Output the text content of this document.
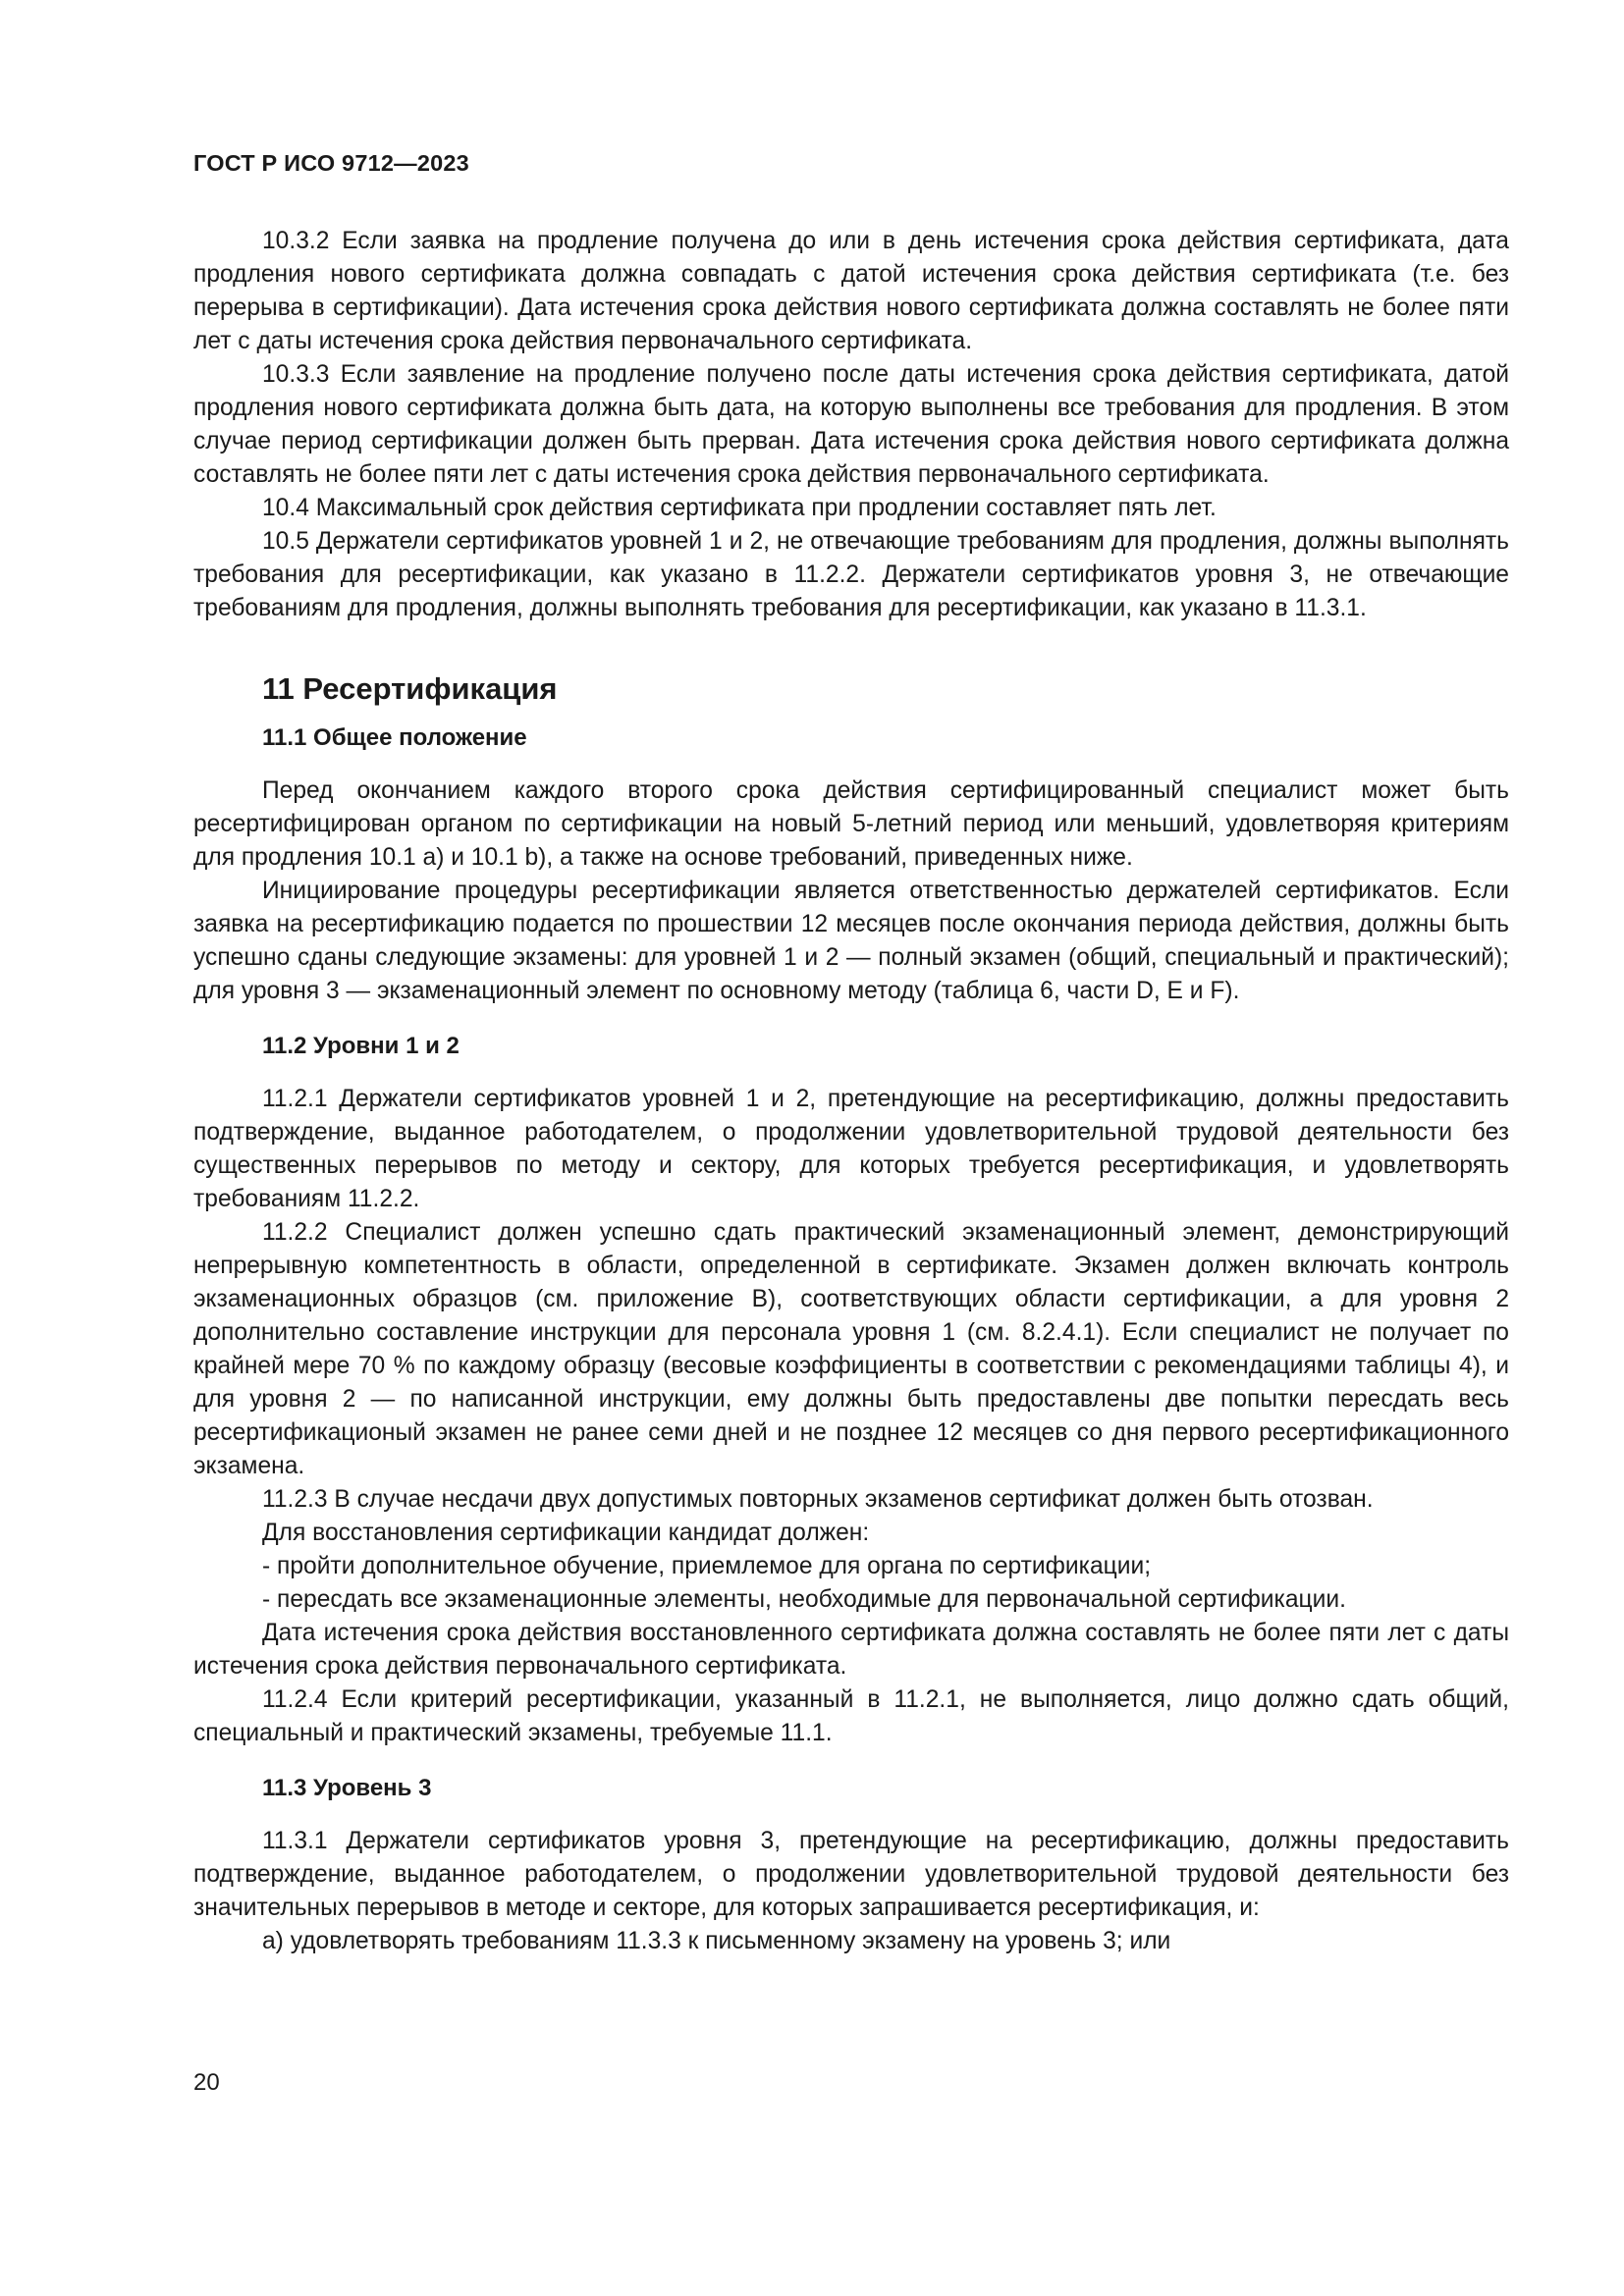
ГОСТ Р ИСО 9712—2023

10.3.2 Если заявка на продление получена до или в день истечения срока действия сертификата, дата продления нового сертификата должна совпадать с датой истечения срока действия сертификата (т.е. без перерыва в сертификации). Дата истечения срока действия нового сертификата должна составлять не более пяти лет с даты истечения срока действия первоначального сертификата.

10.3.3 Если заявление на продление получено после даты истечения срока действия сертификата, датой продления нового сертификата должна быть дата, на которую выполнены все требования для продления. В этом случае период сертификации должен быть прерван. Дата истечения срока действия нового сертификата должна составлять не более пяти лет с даты истечения срока действия первоначального сертификата.

10.4 Максимальный срок действия сертификата при продлении составляет пять лет.

10.5 Держатели сертификатов уровней 1 и 2, не отвечающие требованиям для продления, должны выполнять требования для ресертификации, как указано в 11.2.2. Держатели сертификатов уровня 3, не отвечающие требованиям для продления, должны выполнять требования для ресертификации, как указано в 11.3.1.

11 Ресертификация
11.1 Общее положение

Перед окончанием каждого второго срока действия сертифицированный специалист может быть ресертифицирован органом по сертификации на новый 5-летний период или меньший, удовлетворяя критериям для продления 10.1 a) и 10.1 b), а также на основе требований, приведенных ниже.

Инициирование процедуры ресертификации является ответственностью держателей сертификатов. Если заявка на ресертификацию подается по прошествии 12 месяцев после окончания периода действия, должны быть успешно сданы следующие экзамены: для уровней 1 и 2 — полный экзамен (общий, специальный и практический); для уровня 3 — экзаменационный элемент по основному методу (таблица 6, части D, E и F).

11.2 Уровни 1 и 2

11.2.1 Держатели сертификатов уровней 1 и 2, претендующие на ресертификацию, должны предоставить подтверждение, выданное работодателем, о продолжении удовлетворительной трудовой деятельности без существенных перерывов по методу и сектору, для которых требуется ресертификация, и удовлетворять требованиям 11.2.2.

11.2.2 Специалист должен успешно сдать практический экзаменационный элемент, демонстрирующий непрерывную компетентность в области, определенной в сертификате. Экзамен должен включать контроль экзаменационных образцов (см. приложение B), соответствующих области сертификации, а для уровня 2 дополнительно составление инструкции для персонала уровня 1 (см. 8.2.4.1). Если специалист не получает по крайней мере 70 % по каждому образцу (весовые коэффициенты в соответствии с рекомендациями таблицы 4), и для уровня 2 — по написанной инструкции, ему должны быть предоставлены две попытки пересдать весь ресертификационый экзамен не ранее семи дней и не позднее 12 месяцев со дня первого ресертификационного экзамена.

11.2.3 В случае несдачи двух допустимых повторных экзаменов сертификат должен быть отозван.

Для восстановления сертификации кандидат должен:

- пройти дополнительное обучение, приемлемое для органа по сертификации;

- пересдать все экзаменационные элементы, необходимые для первоначальной сертификации.

Дата истечения срока действия восстановленного сертификата должна составлять не более пяти лет с даты истечения срока действия первоначального сертификата.

11.2.4 Если критерий ресертификации, указанный в 11.2.1, не выполняется, лицо должно сдать общий, специальный и практический экзамены, требуемые 11.1.

11.3 Уровень 3

11.3.1 Держатели сертификатов уровня 3, претендующие на ресертификацию, должны предоставить подтверждение, выданное работодателем, о продолжении удовлетворительной трудовой деятельности без значительных перерывов в методе и секторе, для которых запрашивается ресертификация, и:

a) удовлетворять требованиям 11.3.3 к письменному экзамену на уровень 3; или

20
